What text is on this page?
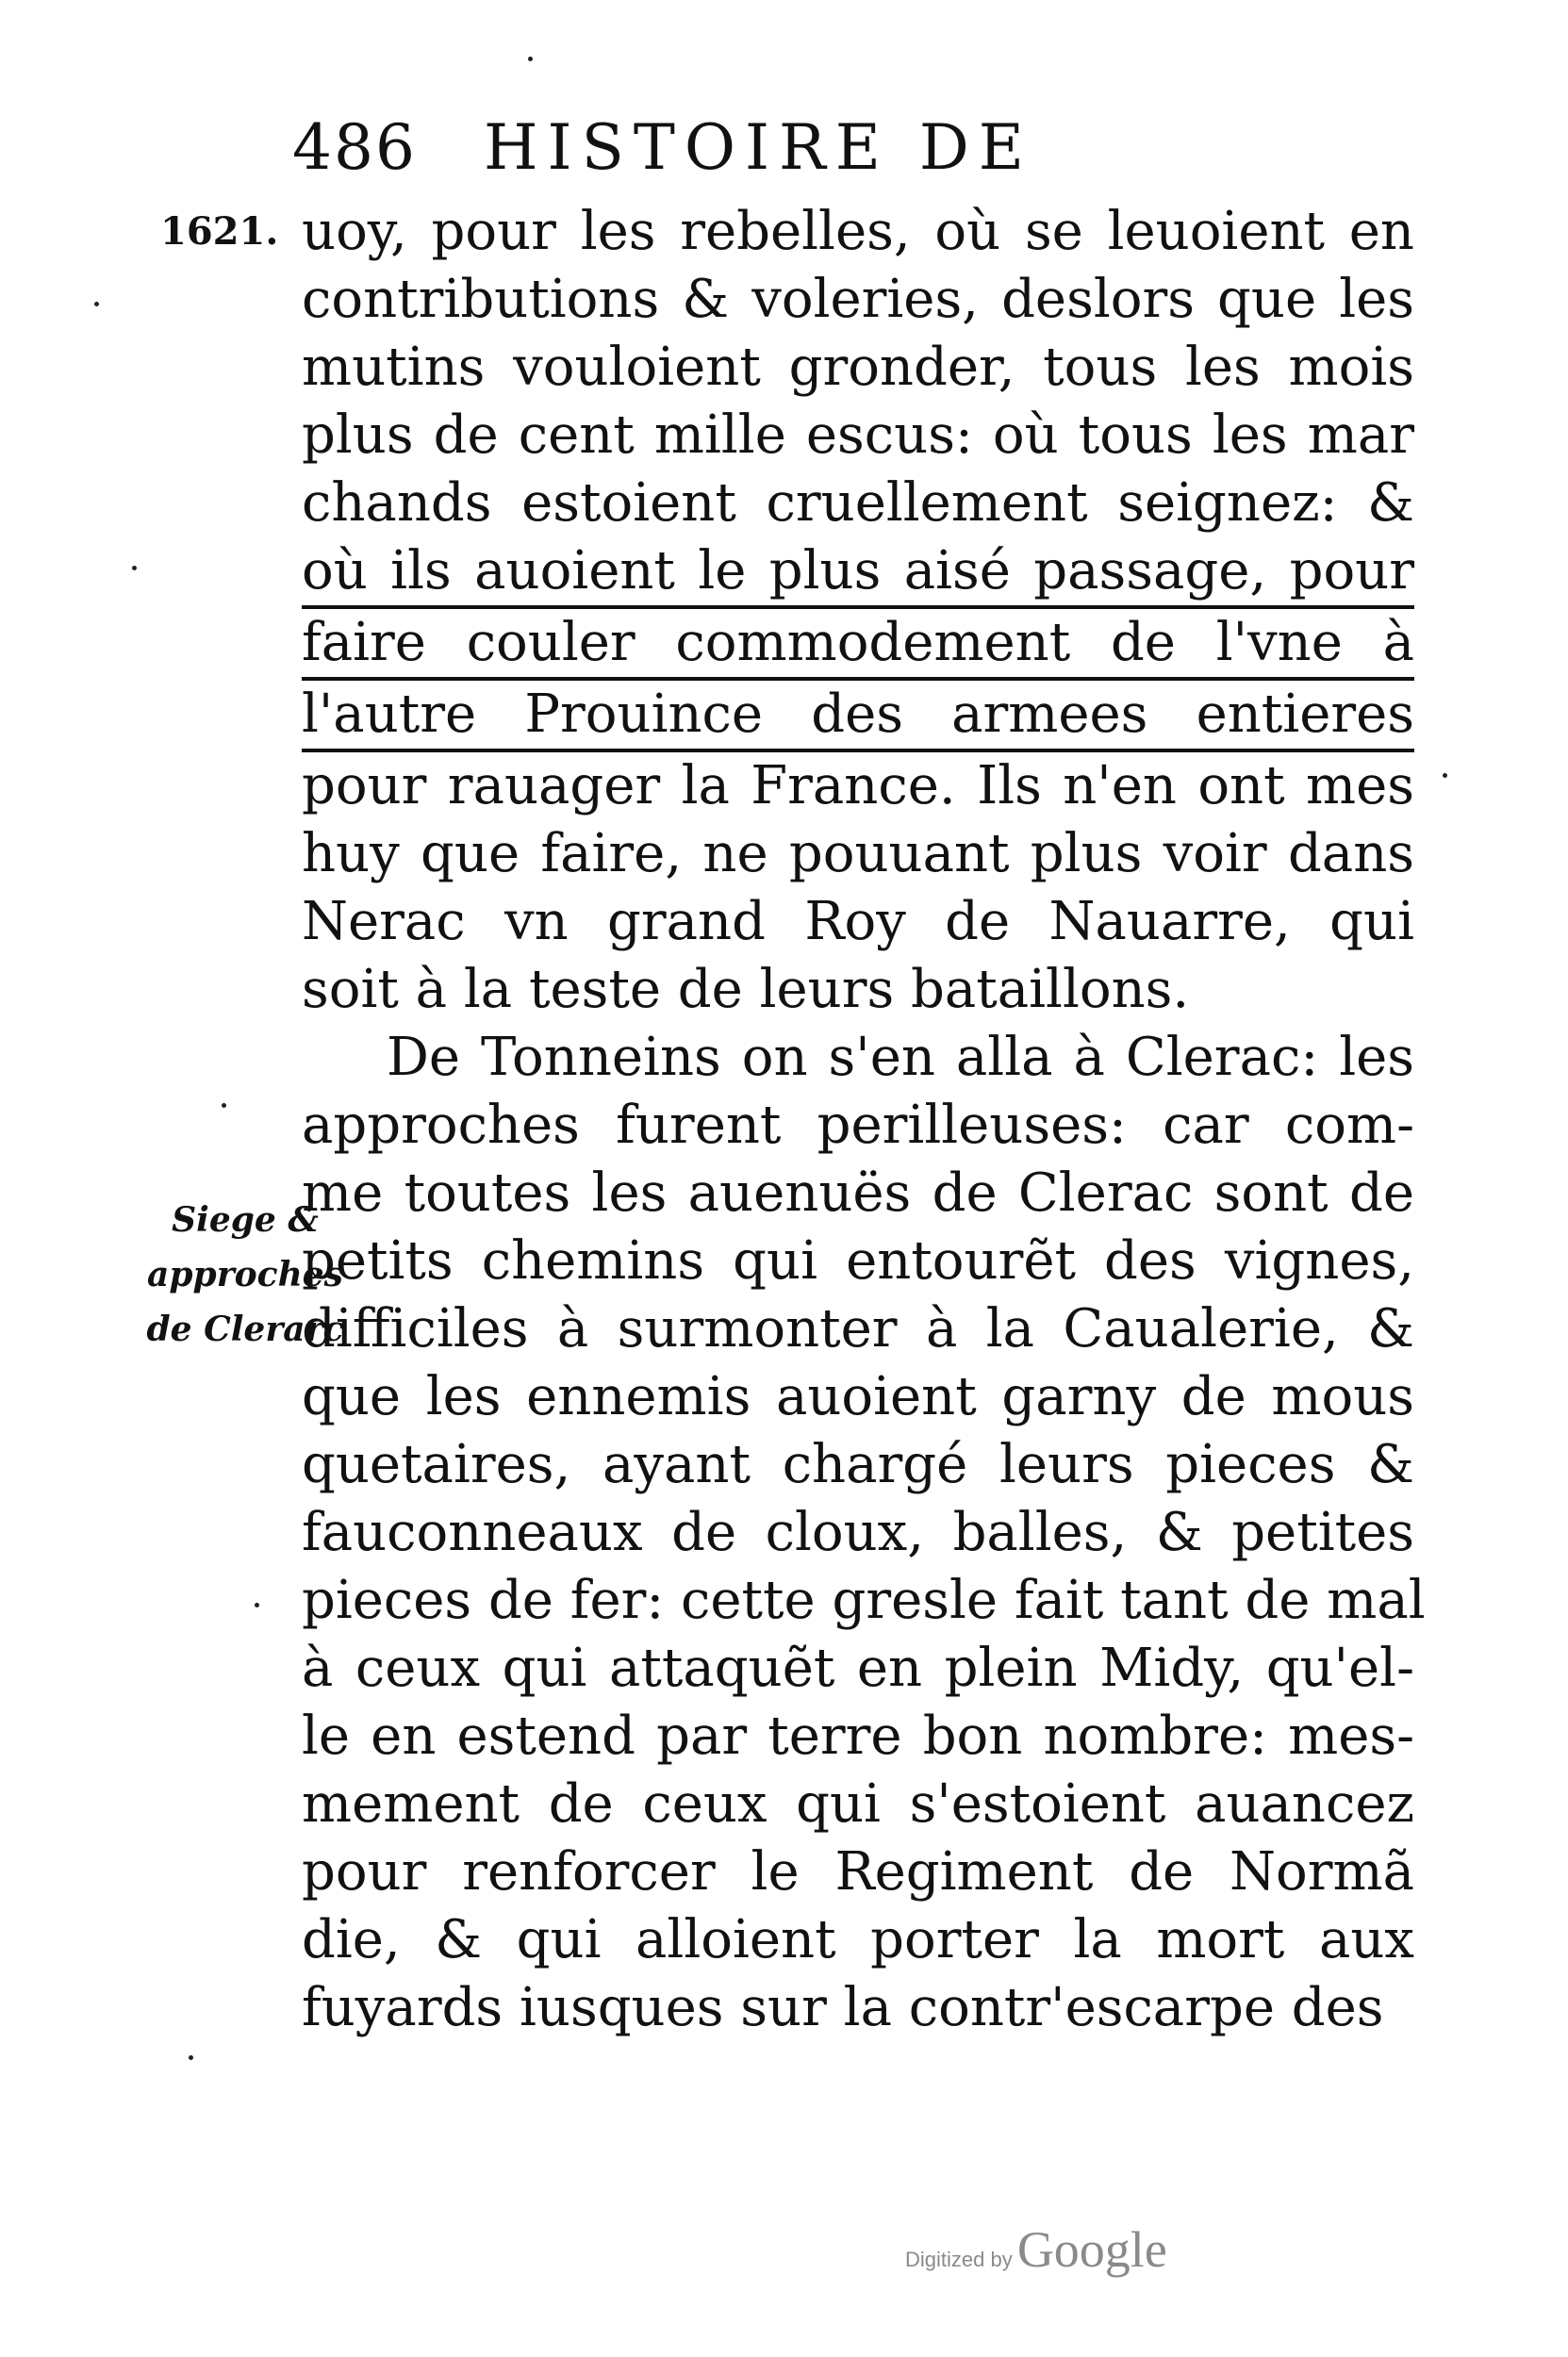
486 HISTOIRE DE
1621. uoy, pour les rebelles, où se leuoient en
contributions & voleries, deslors que les
mutins vouloient gronder, tous les mois
plus de cent mille escus: où tous les mar
chands estoient cruellement seignez: &
où ils auoient le plus aisé passage, pour
faire couler commodement de l'vne à
l'autre Prouince des armees entieres
pour rauager la France. Ils n'en ont mes
huy que faire, ne pouuant plus voir dans
Nerac vn grand Roy de Nauarre, qui
soit à la teste de leurs bataillons.
De Tonneins on s'en alla à Clerac: les
approches furent perilleuses: car com-
me toutes les auenuës de Clerac sont de
petits chemins qui entourẽt des vignes,
difficiles à surmonter à la Caualerie, &
que les ennemis auoient garny de mous
quetaires, ayant chargé leurs pieces &
fauconneaux de cloux, balles, & petites
pieces de fer: cette gresle fait tant de mal
à ceux qui attaquẽt en plein Midy, qu'el-
le en estend par terre bon nombre: mes-
mement de ceux qui s'estoient auancez
pour renforcer le Regiment de Normã
die, & qui alloient porter la mort aux
fuyards iusques sur la contr'escarpe des
Siege &
approches
de Clerarc
Digitized by Google
